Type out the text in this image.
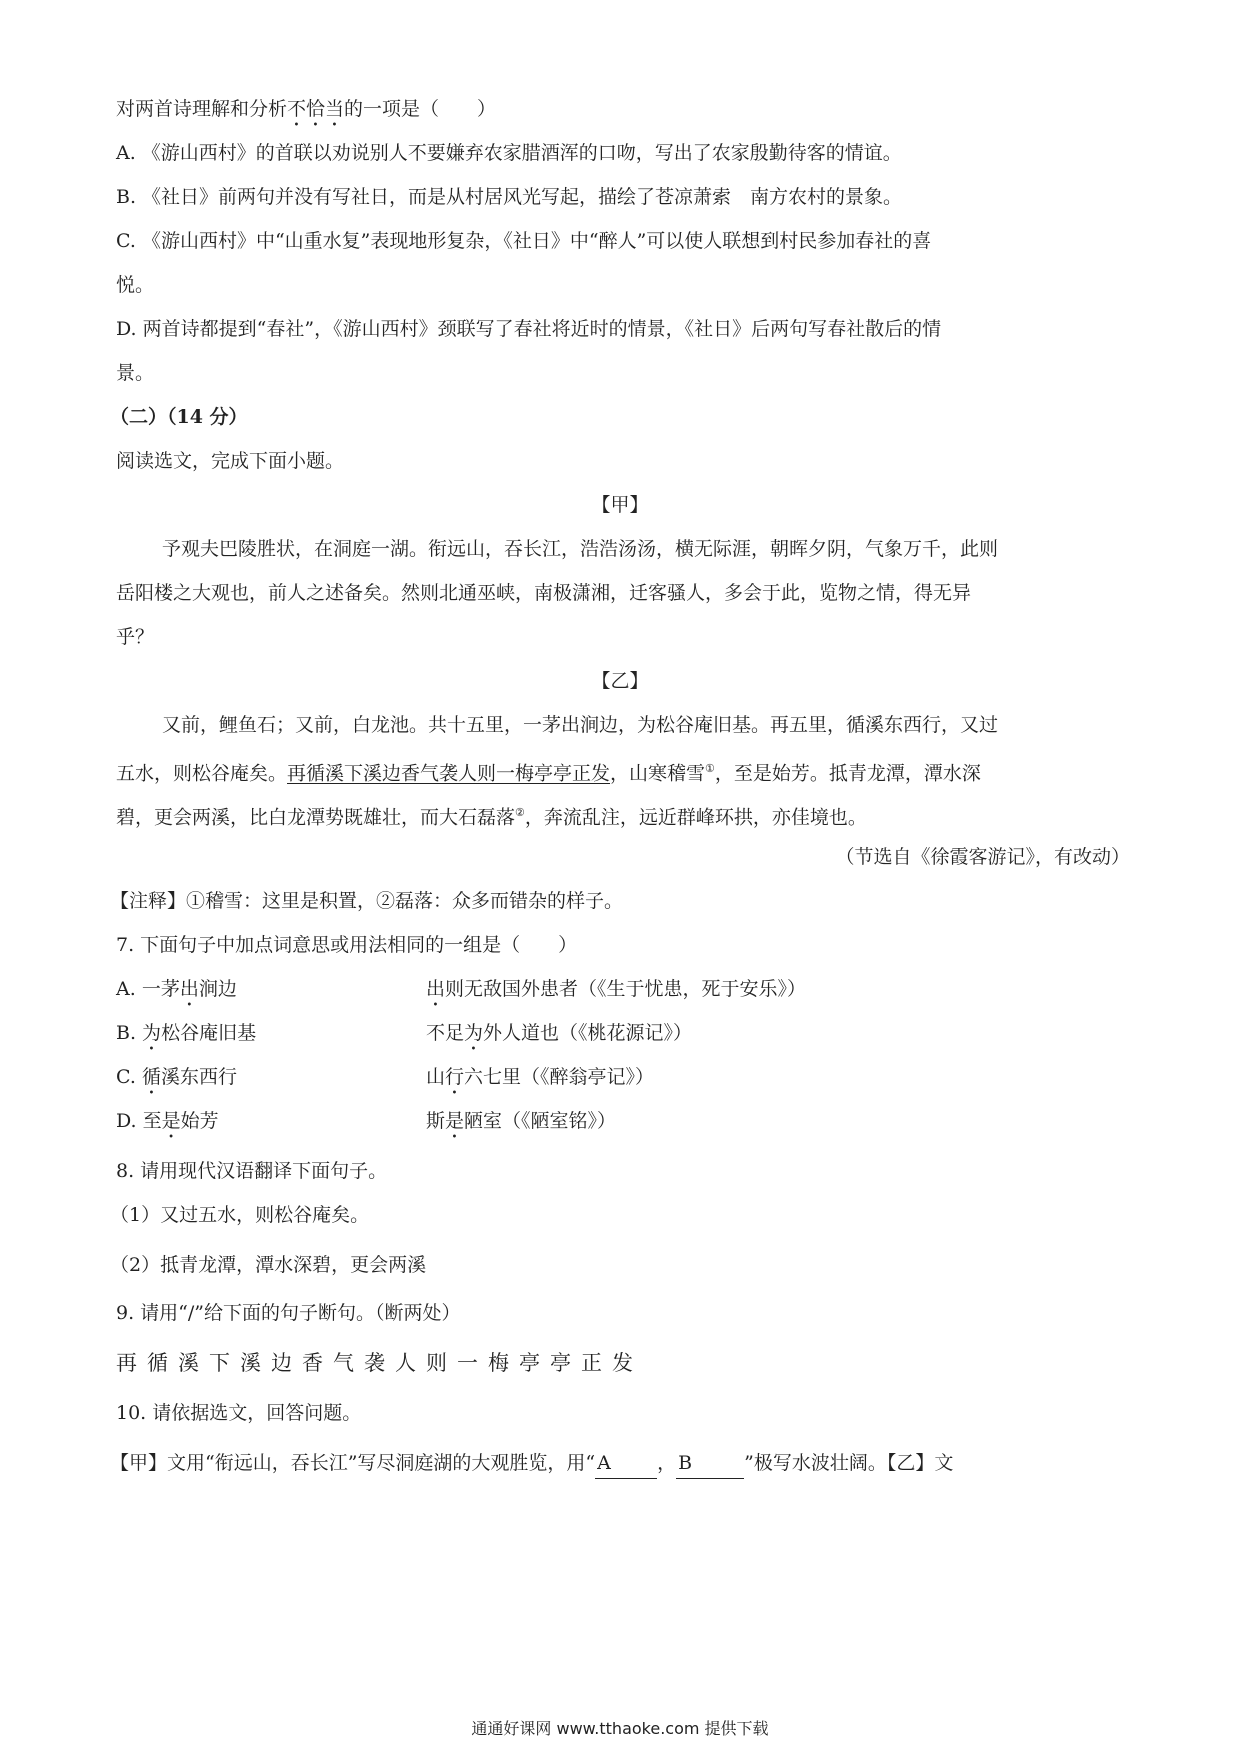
对两首诗理解和分析不恰当的一项是（　　）
A. 《游山西村》的首联以劝说别人不要嫌弃农家腊酒浑的口吻，写出了农家殷勤待客的情谊。
B. 《社日》前两句并没有写社日，而是从村居风光写起，描绘了苍凉萧索　南方农村的景象。
C. 《游山西村》中“山重水复”表现地形复杂，《社日》中“醉人”可以使人联想到村民参加春社的喜
悦。
D. 两首诗都提到“春社”，《游山西村》颈联写了春社将近时的情景，《社日》后两句写春社散后的情
景。
（二）（14 分）
阅读选文，完成下面小题。
【甲】
予观夫巴陵胜状，在洞庭一湖。衔远山，吞长江，浩浩汤汤，横无际涯，朝晖夕阴，气象万千，此则
岳阳楼之大观也，前人之述备矣。然则北通巫峡，南极潇湘，迁客骚人，多会于此，览物之情，得无异
乎？
【乙】
又前，鲤鱼石；又前，白龙池。共十五里，一茅出涧边，为松谷庵旧基。再五里，循溪东西行，又过
五水，则松谷庵矣。再循溪下溪边香气袭人则一梅亭亭正发，山寒稽雪①，至是始芳。抵青龙潭，潭水深
碧，更会两溪，比白龙潭势既雄壮，而大石磊落②，奔流乱注，远近群峰环拱，亦佳境也。
（节选自《徐霞客游记》，有改动）
【注释】①稽雪：这里是积置，②磊落：众多而错杂的样子。
7. 下面句子中加点词意思或用法相同的一组是（　　）
A. 一茅出涧边	出则无敌国外患者（《生于忧患，死于安乐》）
B. 为松谷庵旧基	不足为外人道也（《桃花源记》）
C. 循溪东西行	山行六七里（《醉翁亭记》）
D. 至是始芳	斯是陋室（《陋室铭》）
8. 请用现代汉语翻译下面句子。
（1）又过五水，则松谷庵矣。
（2）抵青龙潭，潭水深碧，更会两溪
9. 请用“/”给下面的句子断句。（断两处）
再循溪下溪边香气袭人则一梅亭亭正发
10. 请依据选文，回答问题。
【甲】文用“衔远山，吞长江”写尽洞庭湖的大观胜览，用“ A ， B	”极写水波壮阔。【乙】文
通通好课网 www.tthaoke.com 提供下载
